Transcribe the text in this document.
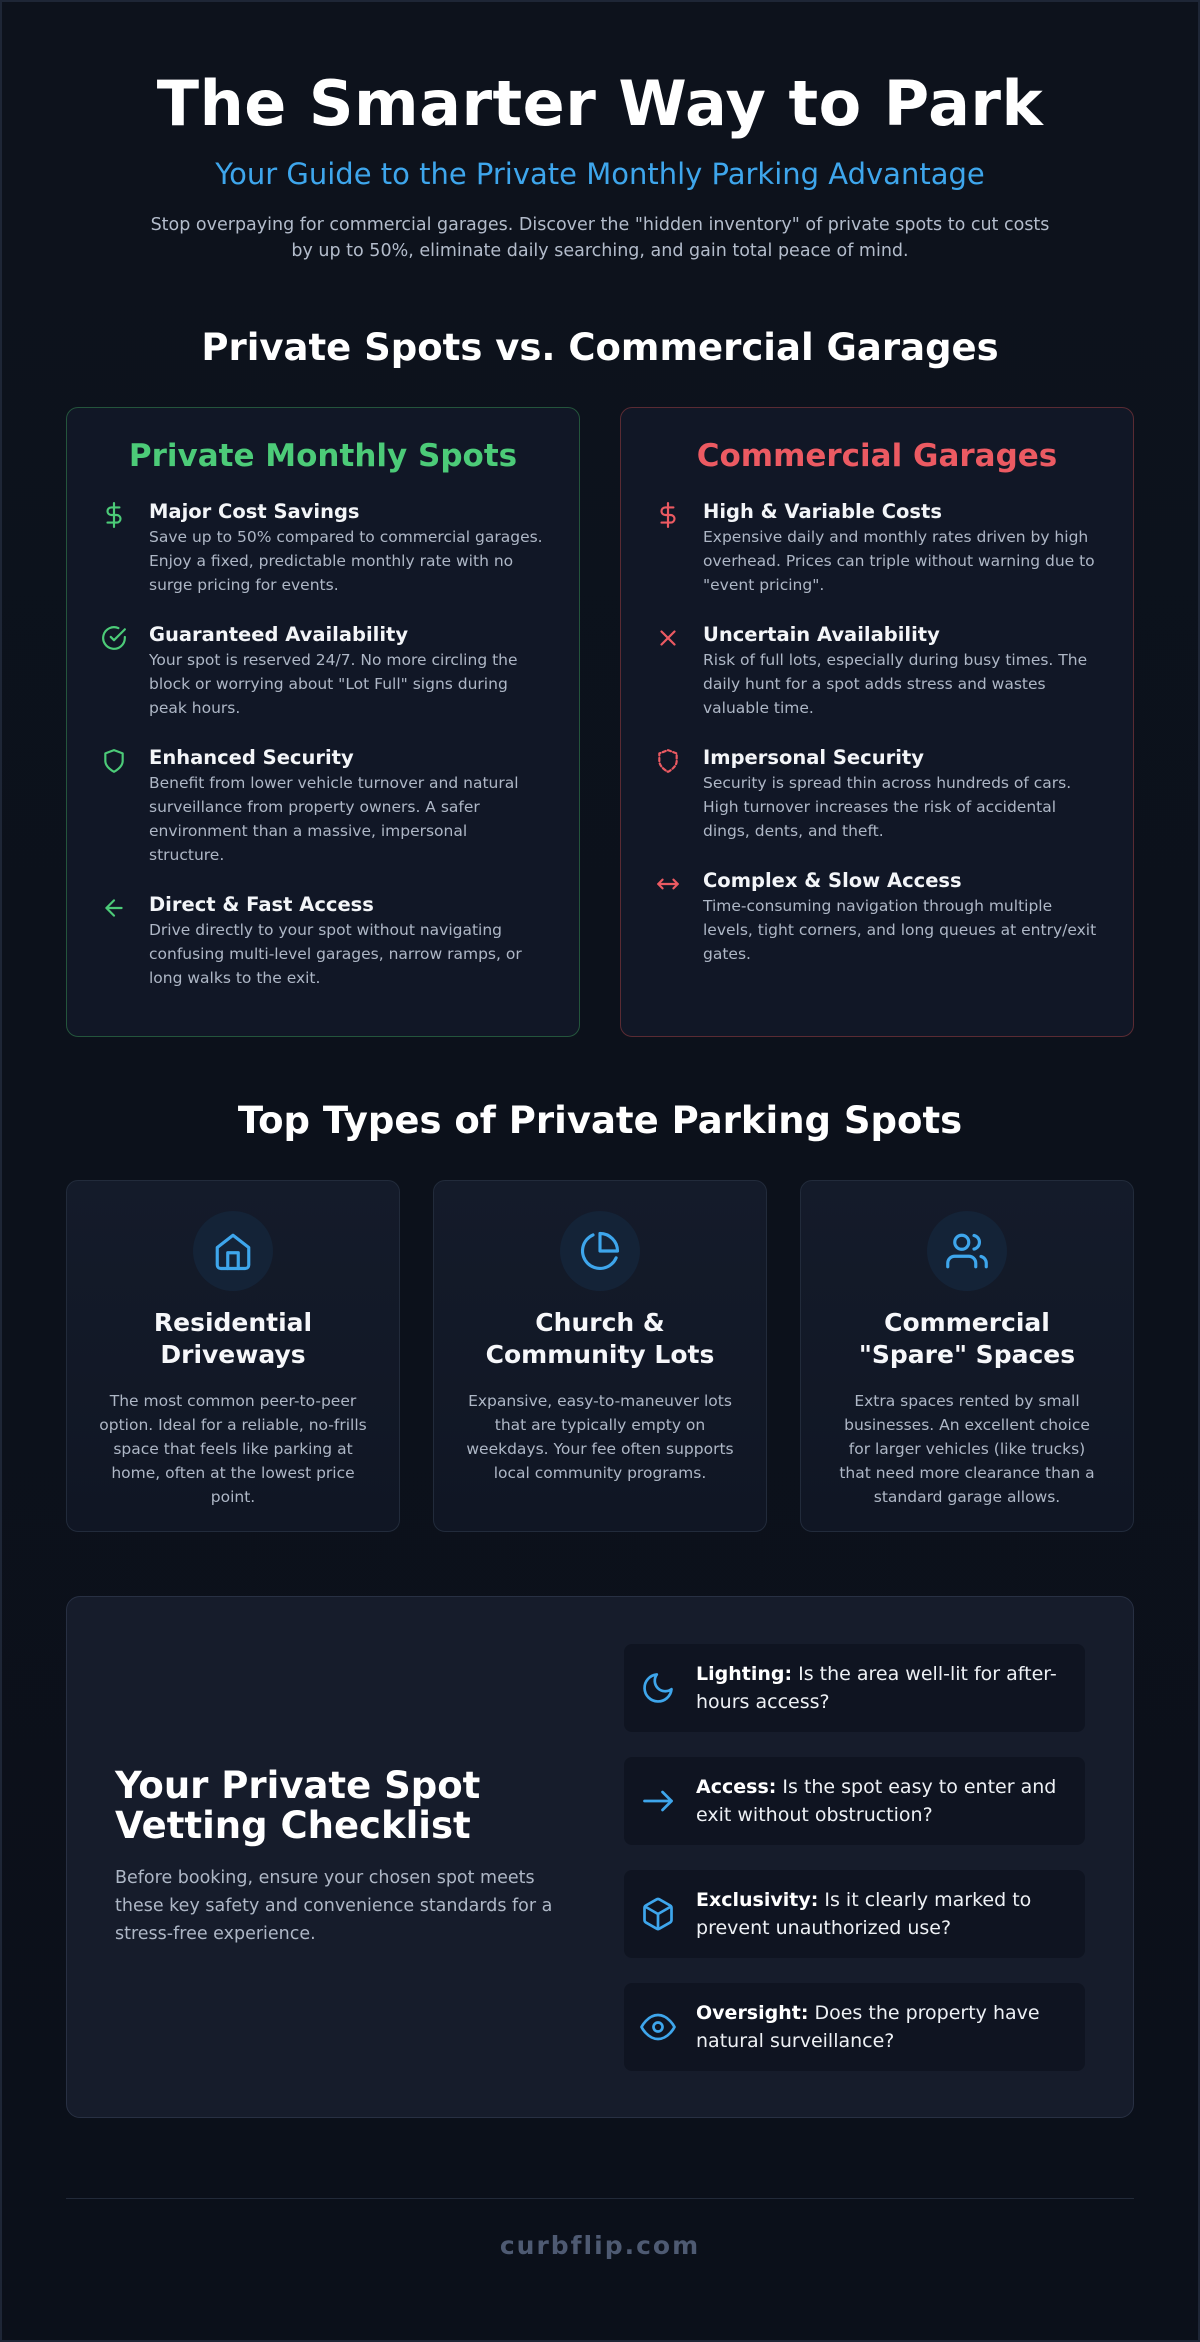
The Smarter Way to Park
Your Guide to the Private Monthly Parking Advantage

Stop overpaying for commercial garages. Discover the "hidden inventory" of private spots to cut costs by up to 50%, eliminate daily searching, and gain total peace of mind.

Private Spots vs. Commercial Garages
Private Monthly Spots
Major Cost Savings
Save up to 50% compared to commercial garages. Enjoy a fixed, predictable monthly rate with no surge pricing for events.
Guaranteed Availability
Your spot is reserved 24/7. No more circling the block or worrying about "Lot Full" signs during peak hours.
Enhanced Security
Benefit from lower vehicle turnover and natural surveillance from property owners. A safer environment than a massive, impersonal structure.
Direct & Fast Access
Drive directly to your spot without navigating confusing multi-level garages, narrow ramps, or long walks to the exit.
Commercial Garages
High & Variable Costs
Expensive daily and monthly rates driven by high overhead. Prices can triple without warning due to "event pricing".
Uncertain Availability
Risk of full lots, especially during busy times. The daily hunt for a spot adds stress and wastes valuable time.
Impersonal Security
Security is spread thin across hundreds of cars. High turnover increases the risk of accidental dings, dents, and theft.
Complex & Slow Access
Time-consuming navigation through multiple levels, tight corners, and long queues at entry/exit gates.
Top Types of Private Parking Spots
Residential Driveways
The most common peer-to-peer option. Ideal for a reliable, no-frills space that feels like parking at home, often at the lowest price point.
Church & Community Lots
Expansive, easy-to-maneuver lots that are typically empty on weekdays. Your fee often supports local community programs.
Commercial "Spare" Spaces
Extra spaces rented by small businesses. An excellent choice for larger vehicles (like trucks) that need more clearance than a standard garage allows.
Your Private Spot Vetting Checklist
Before booking, ensure your chosen spot meets these key safety and convenience standards for a stress-free experience.
Lighting: Is the area well-lit for after-hours access?
Access: Is the spot easy to enter and exit without obstruction?
Exclusivity: Is it clearly marked to prevent unauthorized use?
Oversight: Does the property have natural surveillance?
curbflip.com
